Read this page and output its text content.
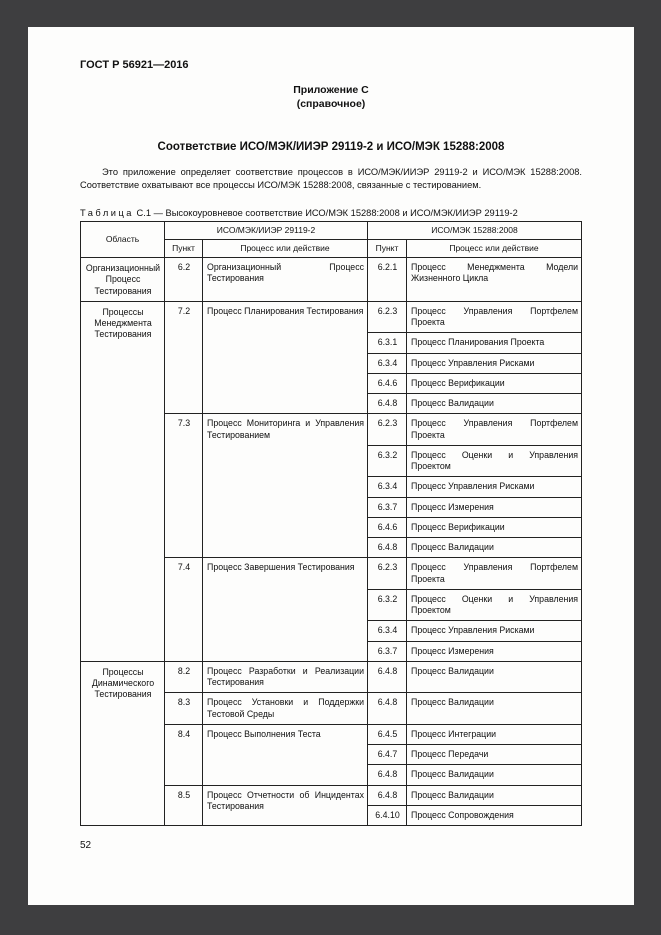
ГОСТ Р 56921—2016
Приложение С
(справочное)
Соответствие ИСО/МЭК/ИИЭР 29119-2 и ИСО/МЭК 15288:2008

Это приложение определяет соответствие процессов в ИСО/МЭК/ИИЭР 29119-2 и ИСО/МЭК 15288:2008. Соответствие охватывают все процессы ИСО/МЭК 15288:2008, связанные с тестированием.

Таблица С.1 — Высокоуровневое соответствие ИСО/МЭК 15288:2008 и ИСО/МЭК/ИИЭР 29119-2

Область	ИСО/МЭК/ИИЭР 29119-2		ИСО/МЭК 15288:2008	
	Пункт	Процесс или действие	Пункт	Процесс или действие
Организационный Процесс Тестирования	6.2	Организационный Процесс Тестирования	6.2.1	Процесс Менеджмента Модели Жизненного Цикла
Процессы Менеджмента Тестирования	7.2	Процесс Планирования Тестирования	6.2.3	Процесс Управления Портфелем Проекта
			6.3.1	Процесс Планирования Проекта
			6.3.4	Процесс Управления Рисками
			6.4.6	Процесс Верификации
			6.4.8	Процесс Валидации
	7.3	Процесс Мониторинга и Управления Тестированием	6.2.3	Процесс Управления Портфелем Проекта
			6.3.2	Процесс Оценки и Управления Проектом
			6.3.4	Процесс Управления Рисками
			6.3.7	Процесс Измерения
			6.4.6	Процесс Верификации
			6.4.8	Процесс Валидации
	7.4	Процесс Завершения Тестирования	6.2.3	Процесс Управления Портфелем Проекта
			6.3.2	Процесс Оценки и Управления Проектом
			6.3.4	Процесс Управления Рисками
			6.3.7	Процесс Измерения
Процессы Динамического Тестирования	8.2	Процесс Разработки и Реализации Тестирования	6.4.8	Процесс Валидации
	8.3	Процесс Установки и Поддержки Тестовой Среды	6.4.8	Процесс Валидации
	8.4	Процесс Выполнения Теста	6.4.5	Процесс Интеграции
			6.4.7	Процесс Передачи
			6.4.8	Процесс Валидации
	8.5	Процесс Отчетности об Инцидентах Тестирования	6.4.8	Процесс Валидации
			6.4.10	Процесс Сопровождения
52
